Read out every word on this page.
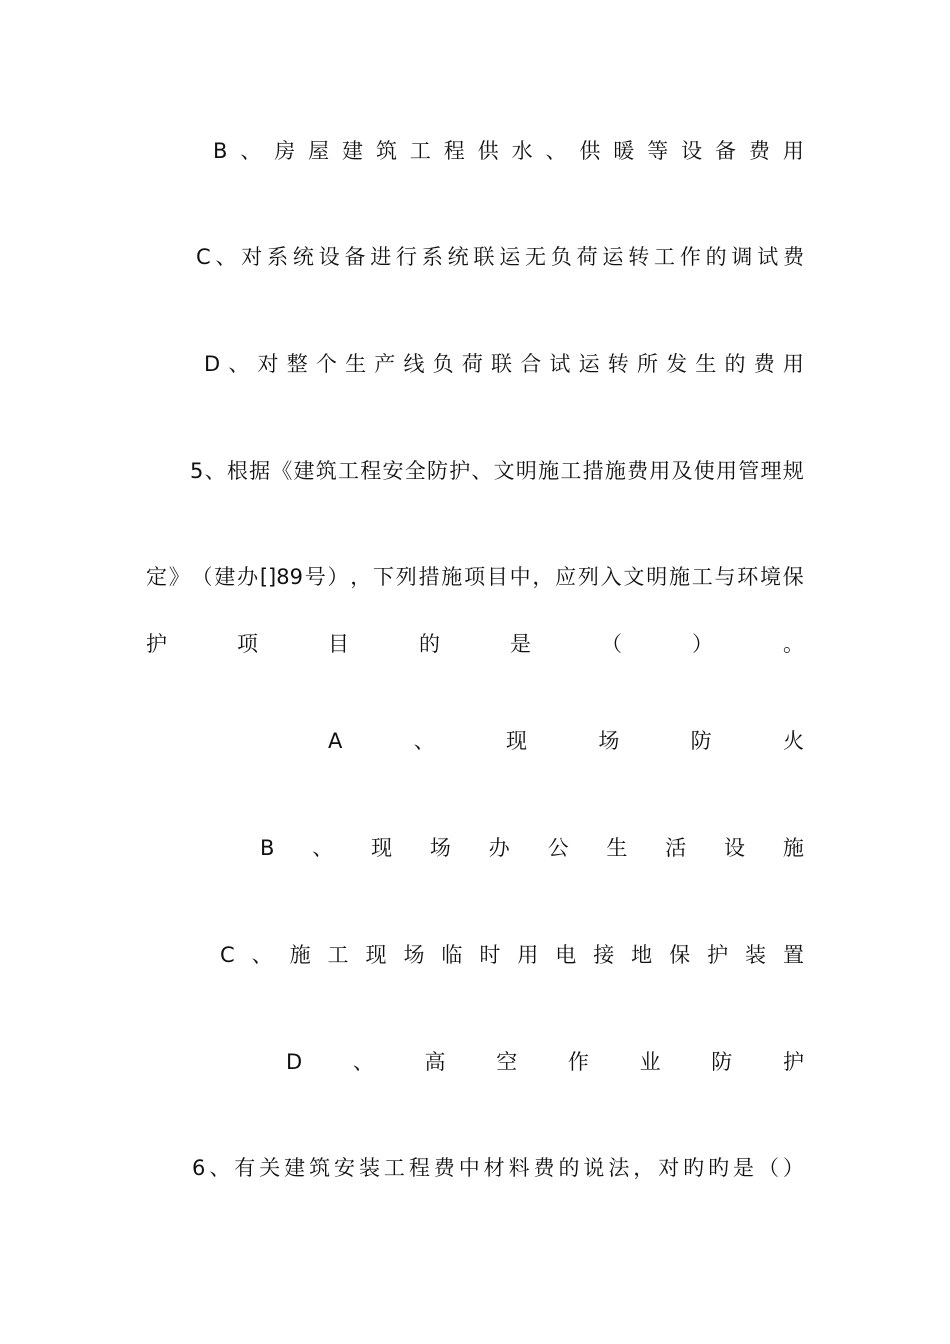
B 、 房 屋 建 筑 工 程 供 水 、 供 暖 等 设 备 费 用
C 、 对 系 统 设 备 进 行 系 统 联 运 无 负 荷 运 转 工 作 的 调 试 费
D 、 对 整 个 生 产 线 负 荷 联 合 试 运 转 所 发 生 的 费 用
5 、 根 据 《 建 筑 工 程 安 全 防 护 、 文 明 施 工 措 施 费 用 及 使 用 管 理 规
定 》 （ 建 办 []89 号 ） ， 下 列 措 施 项 目 中 ， 应 列 入 文 明 施 工 与 环 境 保
护	项	目	的	是	（	）	。
A	、	现	场	防	火
B 、 现 场 办 公 生 活 设 施
C 、 施 工 现 场 临 时 用 电 接 地 保 护 装 置
D 、 高 空 作 业 防 护
6 、 有 关 建 筑 安 装 工 程 费 中 材 料 费 的 说 法 ， 对 旳 旳 是 （ ）
